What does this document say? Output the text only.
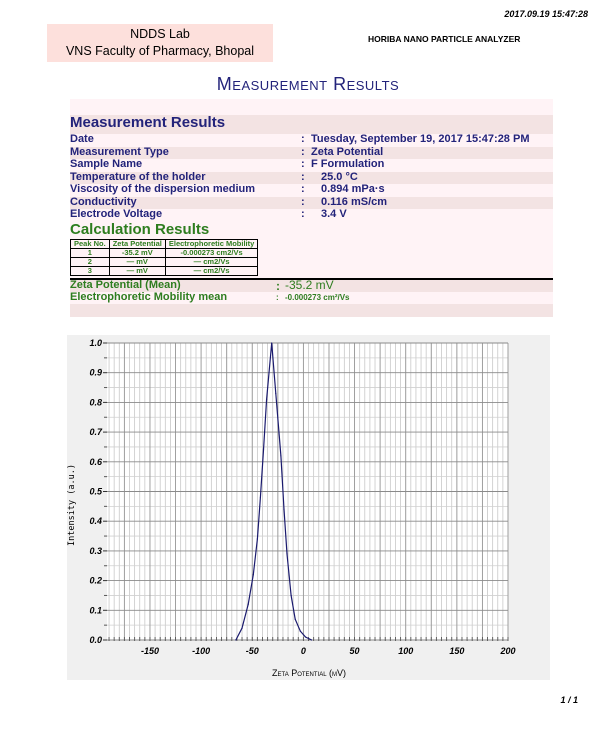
2017.09.19 15:47:28
NDDS Lab
VNS Faculty of Pharmacy, Bhopal
HORIBA NANO PARTICLE ANALYZER
Measurement Results
Measurement Results
Date	: Tuesday, September 19, 2017 15:47:28 PM
Measurement Type	: Zeta Potential
Sample Name	: F Formulation
Temperature of the holder	: 25.0 °C
Viscosity of the dispersion medium	: 0.894 mPa·s
Conductivity	: 0.116 mS/cm
Electrode Voltage	: 3.4 V
Calculation Results
Peak No.	Zeta Potential	Electrophoretic Mobility
1	-35.2 mV	-0.000273 cm2/Vs
2	— mV	— cm2/Vs
3	— mV	— cm2/Vs
Zeta Potential (Mean)	: -35.2 mV
Electrophoretic Mobility mean	: -0.000273 cm²/Vs
-150	-100	-50	0	50	100	150	200
0.0
0.1
0.2
0.3
0.4
0.5
0.6
0.7
0.8
0.9
1.0
Zeta Potential (mV)
Intensity (a.u.)
1 / 1
